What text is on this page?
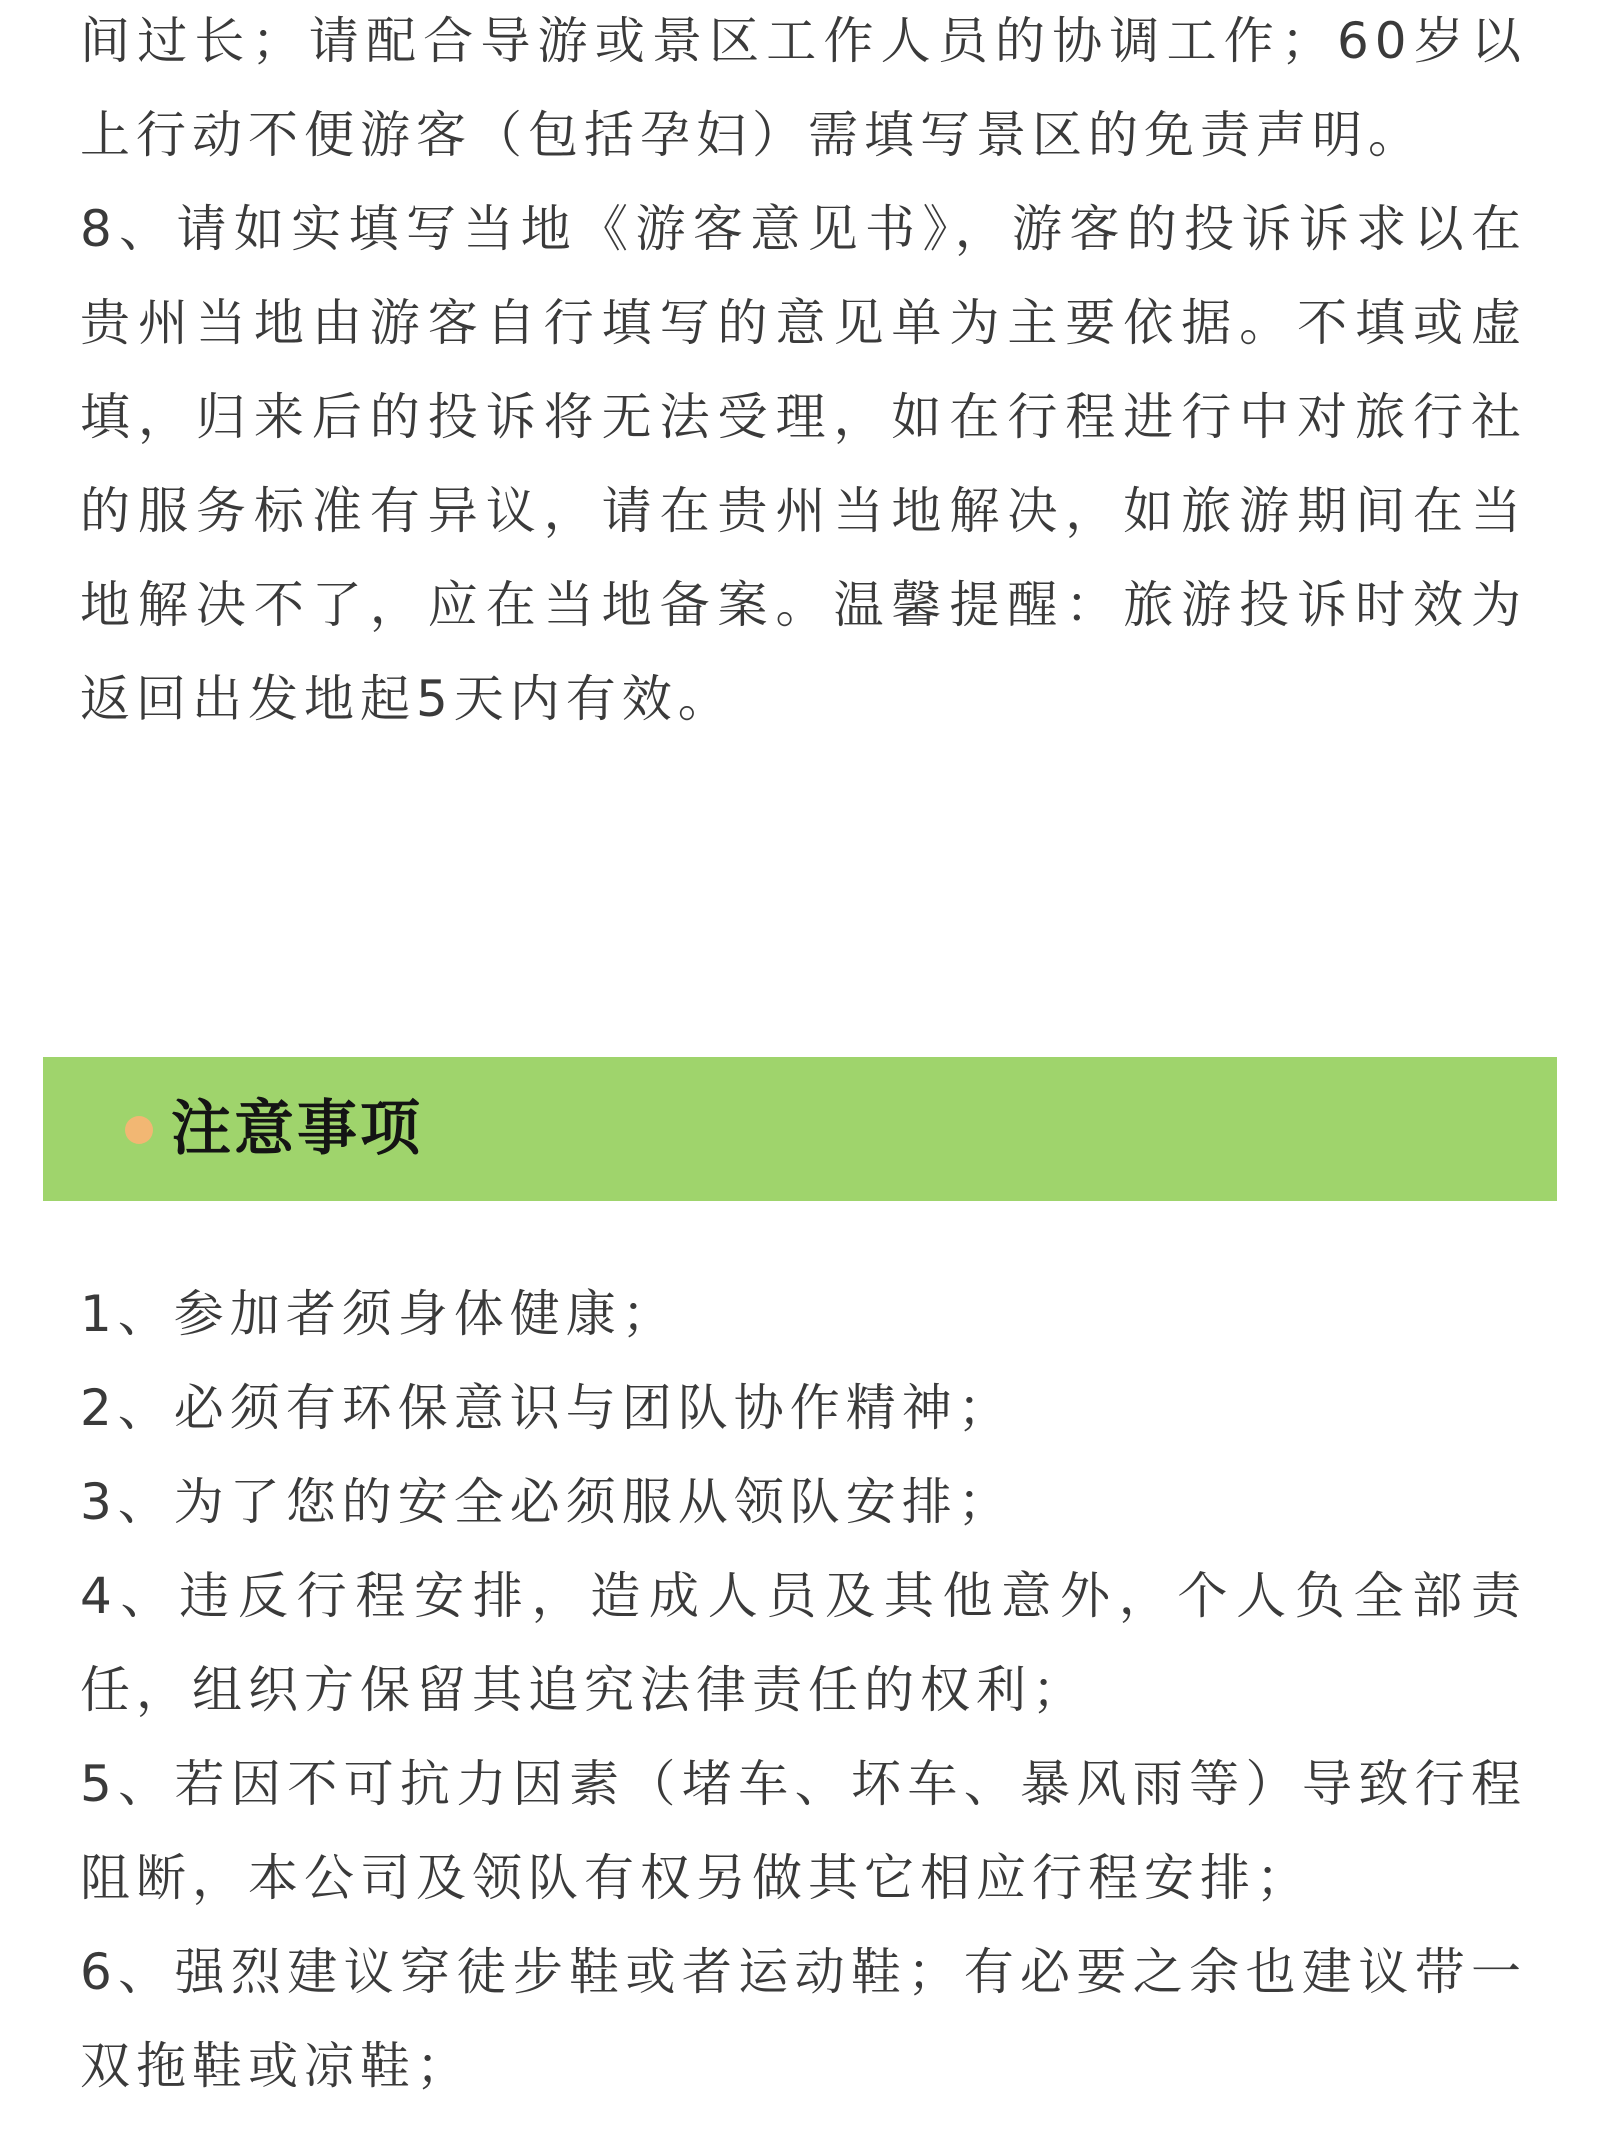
间过长；请配合导游或景区工作人员的协调工作；60岁以上行动不便游客（包括孕妇）需填写景区的免责声明。

8、请如实填写当地《游客意见书》，游客的投诉诉求以在贵州当地由游客自行填写的意见单为主要依据。不填或虚填，归来后的投诉将无法受理，如在行程进行中对旅行社的服务标准有异议，请在贵州当地解决，如旅游期间在当地解决不了，应在当地备案。温馨提醒：旅游投诉时效为返回出发地起5天内有效。

注意事项

1、参加者须身体健康；

2、必须有环保意识与团队协作精神；

3、为了您的安全必须服从领队安排；

4、违反行程安排，造成人员及其他意外，个人负全部责任，组织方保留其追究法律责任的权利；

5、若因不可抗力因素（堵车、坏车、暴风雨等）导致行程阻断，本公司及领队有权另做其它相应行程安排；

6、强烈建议穿徒步鞋或者运动鞋；有必要之余也建议带一双拖鞋或凉鞋；
